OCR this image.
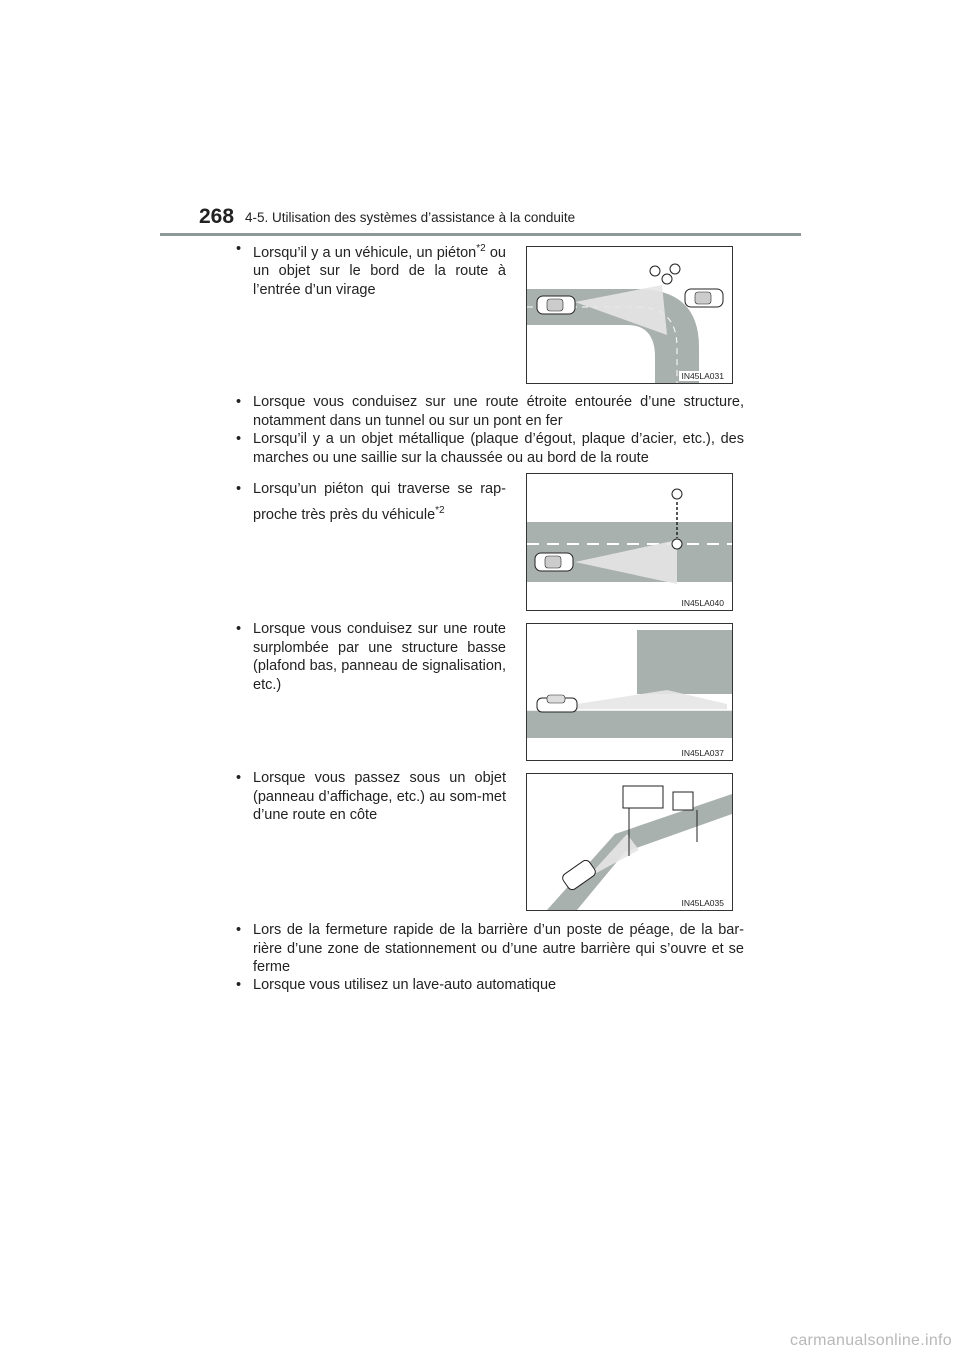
268 4-5. Utilisation des systèmes d’assistance à la conduite
• Lorsqu’il y a un véhicule, un piéton$^{*2}$ ou un objet sur le bord de la route à l’entrée d’un virage
IN45LA031
• Lorsque vous conduisez sur une route étroite entourée d’une structure, notamment dans un tunnel ou sur un pont en fer
• Lorsqu’il y a un objet métallique (plaque d’égout, plaque d’acier, etc.), des marches ou une saillie sur la chaussée ou au bord de la route
• Lorsqu’un piéton qui traverse se rap-proche très près du véhicule$^{*2}$
IN45LA040
• Lorsque vous conduisez sur une route surplombée par une structure basse (plafond bas, panneau de signalisation, etc.)
IN45LA037
• Lorsque vous passez sous un objet (panneau d’affichage, etc.) au som-met d’une route en côte
IN45LA035
• Lors de la fermeture rapide de la barrière d’un poste de péage, de la bar-rière d’une zone de stationnement ou d’une autre barrière qui s’ouvre et se ferme
• Lorsque vous utilisez un lave-auto automatique
carmanualsonline.info
